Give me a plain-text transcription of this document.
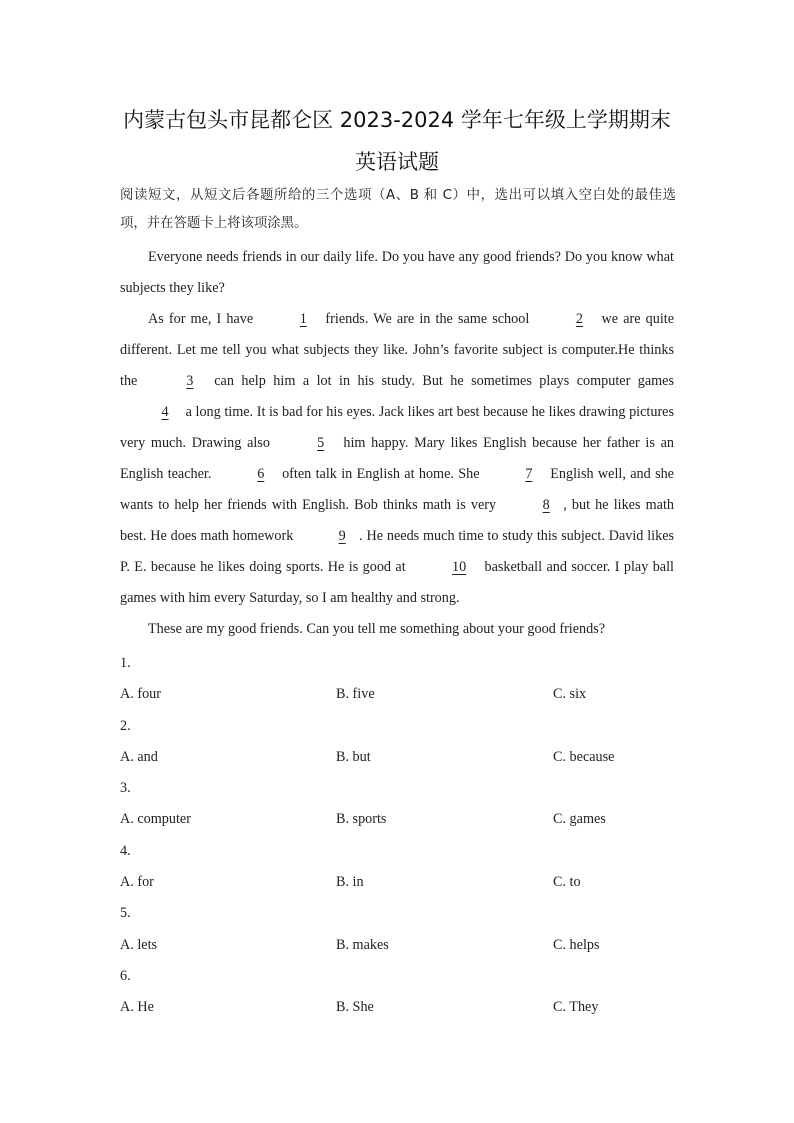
内蒙古包头市昆都仑区 2023-2024 学年七年级上学期期末
英语试题
阅读短文，从短文后各题所给的三个选项（A、B 和 C）中，选出可以填入空白处的最佳选项，并在答题卡上将该项涂黑。

Everyone needs friends in our daily life. Do you have any good friends? Do you know what subjects they like?

As for me, I have	1 friends. We are in the same school	2 we are quite different. Let me tell you what subjects they like. John’s favorite subject is computer.He thinks the	3 can help him a lot in his study. But he sometimes plays computer games 4 a long time. It is bad for his eyes. Jack likes art best because he likes drawing pictures very much. Drawing also	5 him happy. Mary likes English because her father is an English teacher.	6 often talk in English at home. She	7 English well, and she wants to help her friends with English. Bob thinks math is very	8 , but he likes math best. He does math homework	9 . He needs much time to study this subject. David likes P. E. because he likes doing sports. He is good at	10 basketball and soccer. I play ball games with him every Saturday, so I am healthy and strong.

These are my good friends. Can you tell me something about your good friends?

1.
A. four	B. five	C. six
2.
A. and	B. but	C. because
3.
A. computer	B. sports	C. games
4.
A. for	B. in	C. to
5.
A. lets	B. makes	C. helps
6.
A. He	B. She	C. They
